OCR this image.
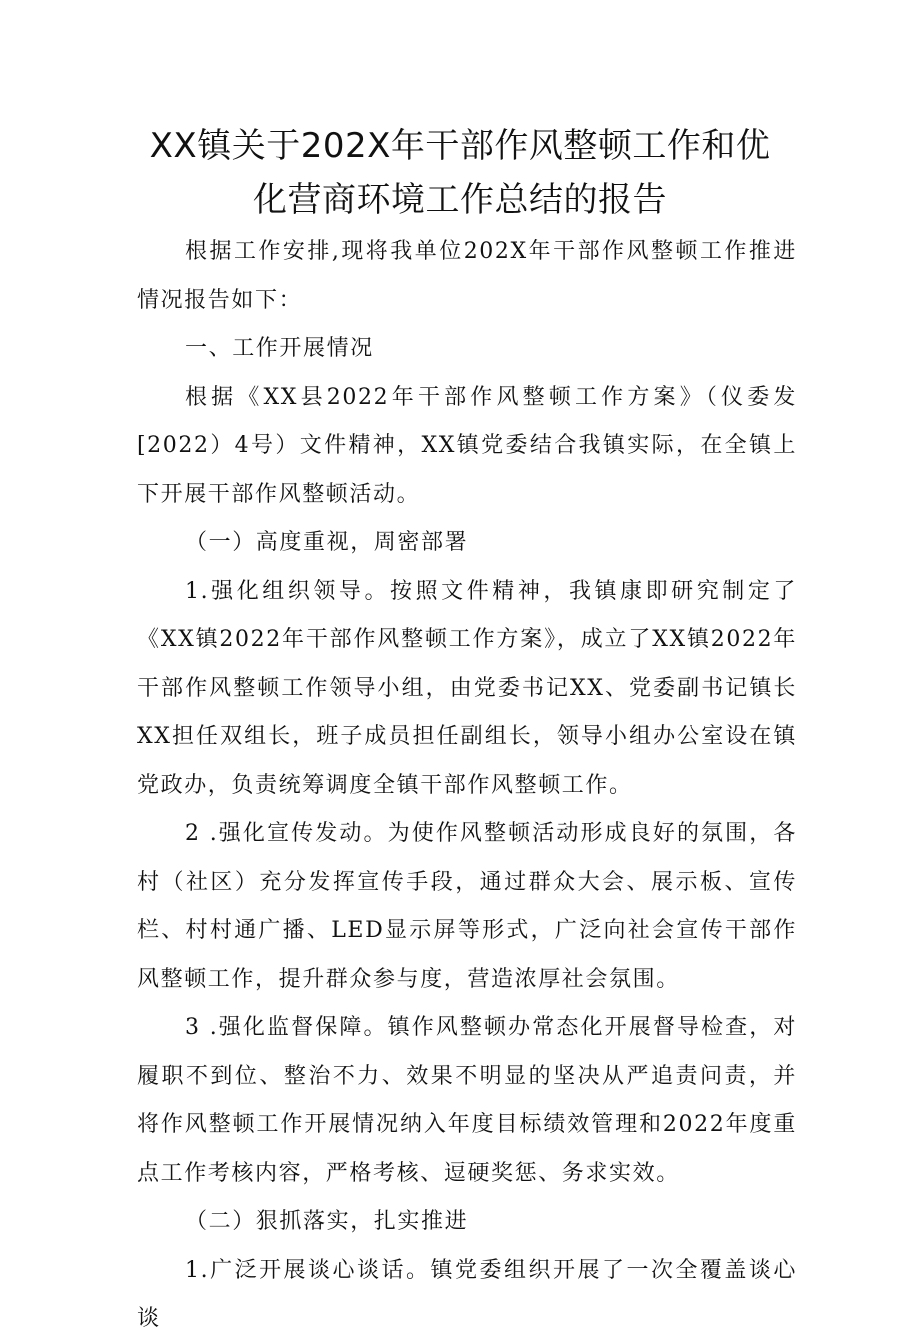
XX镇关于202X年干部作风整顿工作和优
化营商环境工作总结的报告

根据工作安排,现将我单位202X年干部作风整顿工作推进情况报告如下：

一、工作开展情况

根据《XX县2022年干部作风整顿工作方案》（仪委发[2022）4号）文件精神，XX镇党委结合我镇实际，在全镇上下开展干部作风整顿活动。

（一）高度重视，周密部署

1.强化组织领导。按照文件精神，我镇康即研究制定了《XX镇2022年干部作风整顿工作方案》，成立了XX镇2022年干部作风整顿工作领导小组，由党委书记XX、党委副书记镇长XX担任双组长，班子成员担任副组长，领导小组办公室设在镇党政办，负责统筹调度全镇干部作风整顿工作。

2 .强化宣传发动。为使作风整顿活动形成良好的氛围，各村（社区）充分发挥宣传手段，通过群众大会、展示板、宣传栏、村村通广播、LED显示屏等形式，广泛向社会宣传干部作风整顿工作，提升群众参与度，营造浓厚社会氛围。

3 .强化监督保障。镇作风整顿办常态化开展督导检查，对履职不到位、整治不力、效果不明显的坚决从严追责问责，并将作风整顿工作开展情况纳入年度目标绩效管理和2022年度重点工作考核内容，严格考核、逗硬奖惩、务求实效。

（二）狠抓落实，扎实推进

1.广泛开展谈心谈话。镇党委组织开展了一次全覆盖谈心谈
